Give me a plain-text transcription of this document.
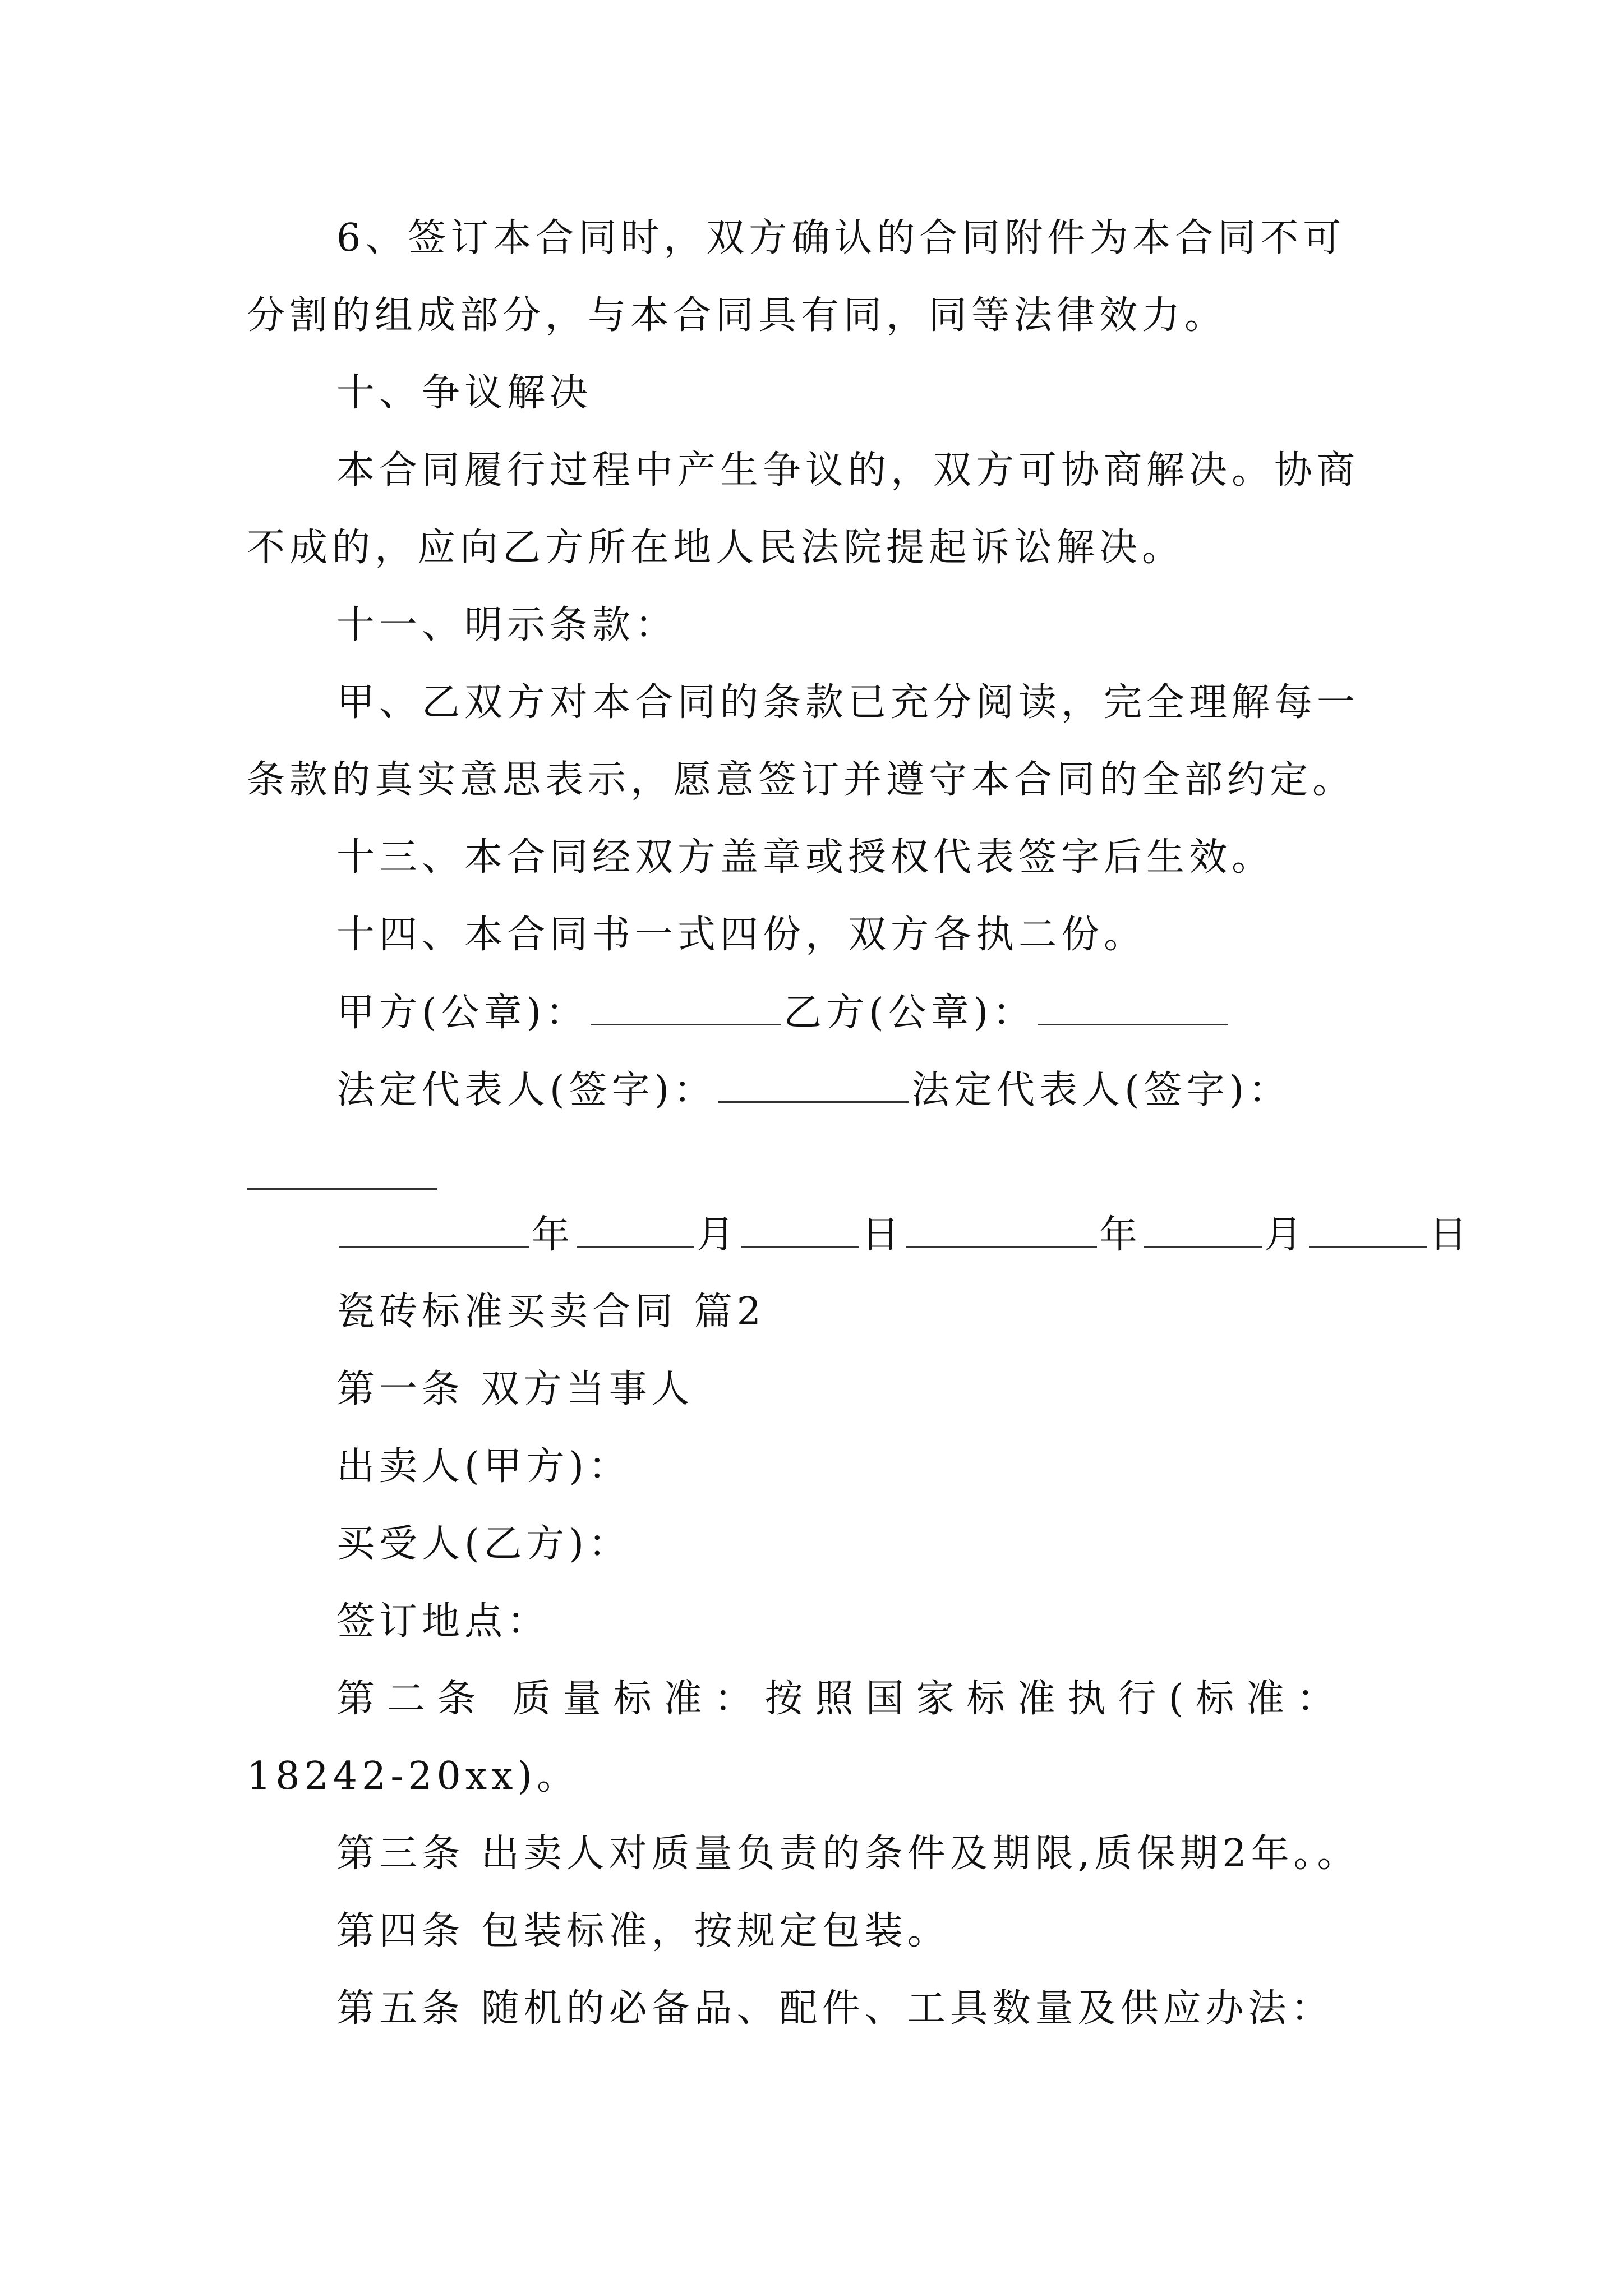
6、签订本合同时，双方确认的合同附件为本合同不可
分割的组成部分，与本合同具有同，同等法律效力。
十、争议解决
本合同履行过程中产生争议的，双方可协商解决。协商
不成的，应向乙方所在地人民法院提起诉讼解决。
十一、明示条款：
甲、乙双方对本合同的条款已充分阅读，完全理解每一
条款的真实意思表示，愿意签订并遵守本合同的全部约定。
十三、本合同经双方盖章或授权代表签字后生效。
十四、本合同书一式四份，双方各执二份。
甲方(公章)：	乙方(公章)：
法定代表人(签字)：	法定代表人(签字)：
年	月	日	年	月	日
瓷砖标准买卖合同 篇2
第一条 双方当事人
出卖人(甲方)：
买受人(乙方)：
签订地点：
第二条 质量标准：按照国家标准执行(标准：
18242-20xx)。
第三条 出卖人对质量负责的条件及期限,质保期2年。。
第四条 包装标准，按规定包装。
第五条 随机的必备品、配件、工具数量及供应办法：
